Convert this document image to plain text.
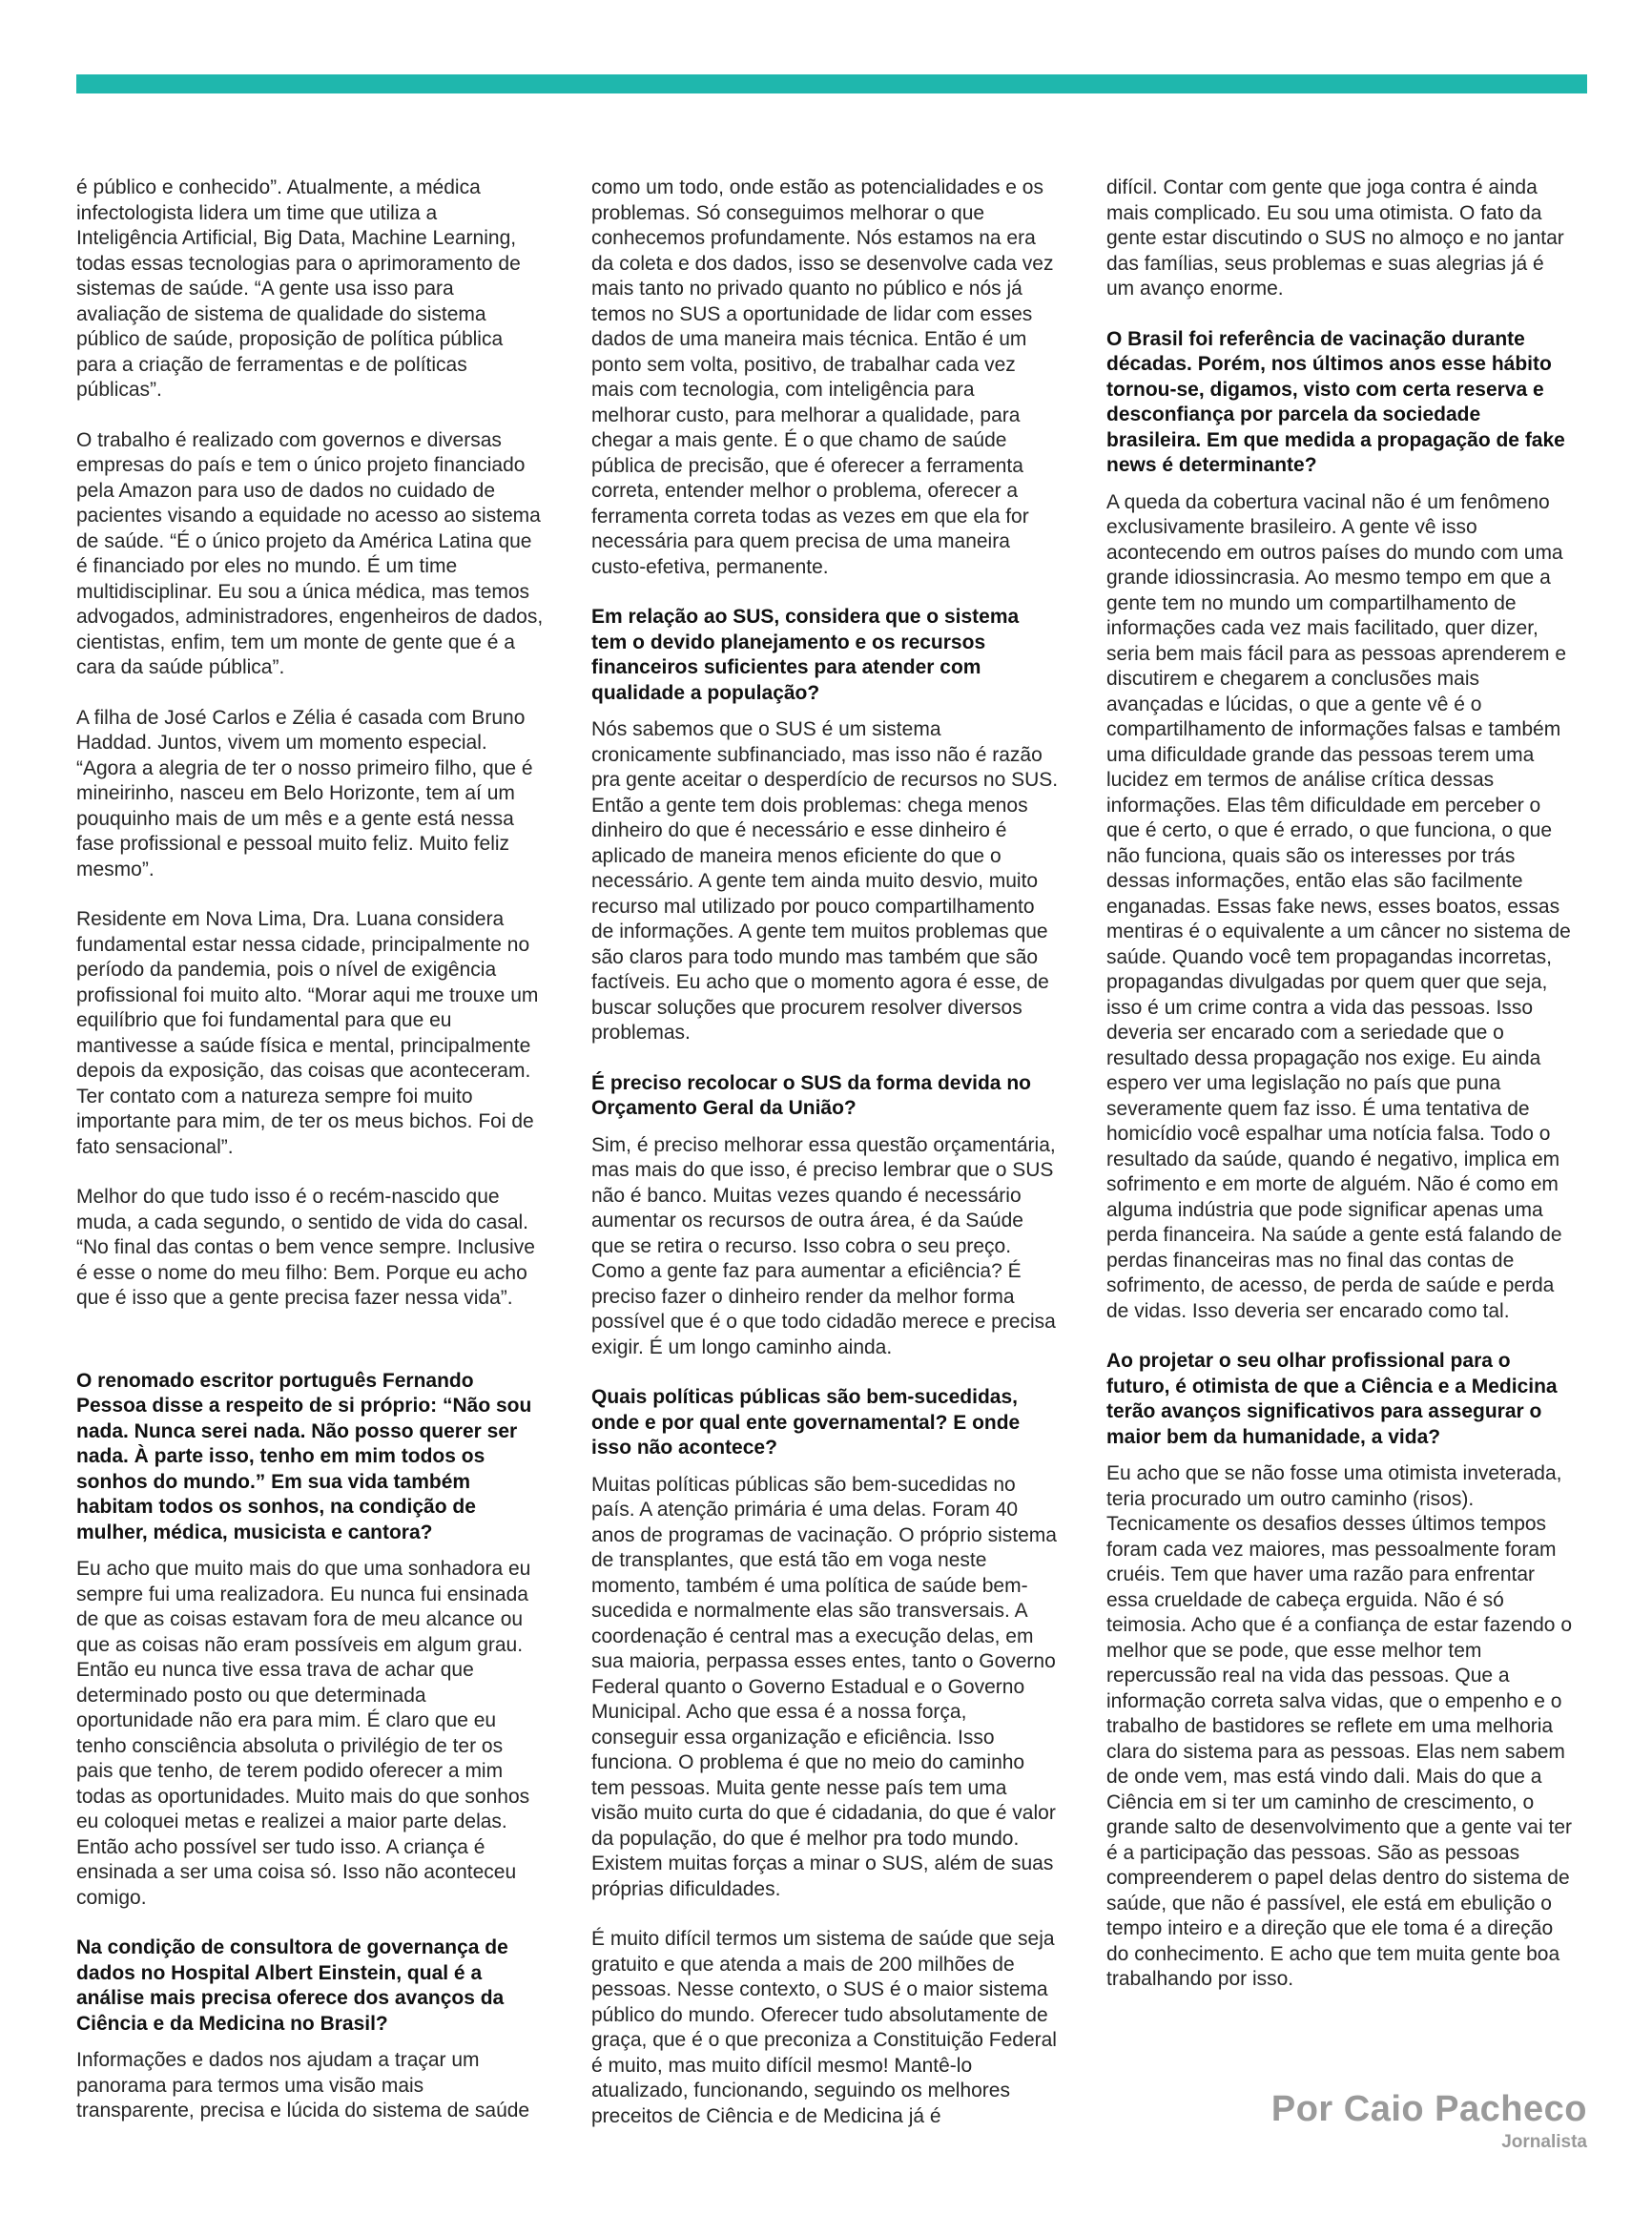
é público e conhecido”. Atualmente, a médica infectologista lidera um time que utiliza a Inteligência Artificial, Big Data, Machine Learning, todas essas tecnologias para o aprimoramento de sistemas de saúde. “A gente usa isso para avaliação de sistema de qualidade do sistema público de saúde, proposição de política pública para a criação de ferramentas e de políticas públicas”.

O trabalho é realizado com governos e diversas empresas do país e tem o único projeto financiado pela Amazon para uso de dados no cuidado de pacientes visando a equidade no acesso ao sistema de saúde. “É o único projeto da América Latina que é financiado por eles no mundo. É um time multidisciplinar. Eu sou a única médica, mas temos advogados, administradores, engenheiros de dados, cientistas, enfim, tem um monte de gente que é a cara da saúde pública”.

A filha de José Carlos e Zélia é casada com Bruno Haddad. Juntos, vivem um momento especial. “Agora a alegria de ter o nosso primeiro filho, que é mineirinho, nasceu em Belo Horizonte, tem aí um pouquinho mais de um mês e a gente está nessa fase profissional e pessoal muito feliz. Muito feliz mesmo”.

Residente em Nova Lima, Dra. Luana considera fundamental estar nessa cidade, principalmente no período da pandemia, pois o nível de exigência profissional foi muito alto. “Morar aqui me trouxe um equilíbrio que foi fundamental para que eu mantivesse a saúde física e mental, principalmente depois da exposição, das coisas que aconteceram. Ter contato com a natureza sempre foi muito importante para mim, de ter os meus bichos. Foi de fato sensacional”.

Melhor do que tudo isso é o recém-nascido que muda, a cada segundo, o sentido de vida do casal. “No final das contas o bem vence sempre. Inclusive é esse o nome do meu filho: Bem. Porque eu acho que é isso que a gente precisa fazer nessa vida”.

O renomado escritor português Fernando Pessoa disse a respeito de si próprio: “Não sou nada. Nunca serei nada. Não posso querer ser nada. À parte isso, tenho em mim todos os sonhos do mundo.” Em sua vida também habitam todos os sonhos, na condição de mulher, médica, musicista e cantora?

Eu acho que muito mais do que uma sonhadora eu sempre fui uma realizadora. Eu nunca fui ensinada de que as coisas estavam fora de meu alcance ou que as coisas não eram possíveis em algum grau. Então eu nunca tive essa trava de achar que determinado posto ou que determinada oportunidade não era para mim. É claro que eu tenho consciência absoluta o privilégio de ter os pais que tenho, de terem podido oferecer a mim todas as oportunidades. Muito mais do que sonhos eu coloquei metas e realizei a maior parte delas. Então acho possível ser tudo isso. A criança é ensinada a ser uma coisa só. Isso não aconteceu comigo.

Na condição de consultora de governança de dados no Hospital Albert Einstein, qual é a análise mais precisa oferece dos avanços da Ciência e da Medicina no Brasil?

Informações e dados nos ajudam a traçar um panorama para termos uma visão mais transparente, precisa e lúcida do sistema de saúde

como um todo, onde estão as potencialidades e os problemas. Só conseguimos melhorar o que conhecemos profundamente. Nós estamos na era da coleta e dos dados, isso se desenvolve cada vez mais tanto no privado quanto no público e nós já temos no SUS a oportunidade de lidar com esses dados de uma maneira mais técnica. Então é um ponto sem volta, positivo, de trabalhar cada vez mais com tecnologia, com inteligência para melhorar custo, para melhorar a qualidade, para chegar a mais gente. É o que chamo de saúde pública de precisão, que é oferecer a ferramenta correta, entender melhor o problema, oferecer a ferramenta correta todas as vezes em que ela for necessária para quem precisa de uma maneira custo-efetiva, permanente.

Em relação ao SUS, considera que o sistema tem o devido planejamento e os recursos financeiros suficientes para atender com qualidade a população?

Nós sabemos que o SUS é um sistema cronicamente subfinanciado, mas isso não é razão pra gente aceitar o desperdício de recursos no SUS. Então a gente tem dois problemas: chega menos dinheiro do que é necessário e esse dinheiro é aplicado de maneira menos eficiente do que o necessário. A gente tem ainda muito desvio, muito recurso mal utilizado por pouco compartilhamento de informações. A gente tem muitos problemas que são claros para todo mundo mas também que são factíveis. Eu acho que o momento agora é esse, de buscar soluções que procurem resolver diversos problemas.

É preciso recolocar o SUS da forma devida no Orçamento Geral da União?

Sim, é preciso melhorar essa questão orçamentária, mas mais do que isso, é preciso lembrar que o SUS não é banco. Muitas vezes quando é necessário aumentar os recursos de outra área, é da Saúde que se retira o recurso. Isso cobra o seu preço. Como a gente faz para aumentar a eficiência? É preciso fazer o dinheiro render da melhor forma possível que é o que todo cidadão merece e precisa exigir. É um longo caminho ainda.

Quais políticas públicas são bem-sucedidas, onde e por qual ente governamental? E onde isso não acontece?

Muitas políticas públicas são bem-sucedidas no país. A atenção primária é uma delas. Foram 40 anos de programas de vacinação. O próprio sistema de transplantes, que está tão em voga neste momento, também é uma política de saúde bem-sucedida e normalmente elas são transversais. A coordenação é central mas a execução delas, em sua maioria, perpassa esses entes, tanto o Governo Federal quanto o Governo Estadual e o Governo Municipal. Acho que essa é a nossa força, conseguir essa organização e eficiência. Isso funciona. O problema é que no meio do caminho tem pessoas. Muita gente nesse país tem uma visão muito curta do que é cidadania, do que é valor da população, do que é melhor pra todo mundo. Existem muitas forças a minar o SUS, além de suas próprias dificuldades.

É muito difícil termos um sistema de saúde que seja gratuito e que atenda a mais de 200 milhões de pessoas. Nesse contexto, o SUS é o maior sistema público do mundo. Oferecer tudo absolutamente de graça, que é o que preconiza a Constituição Federal é muito, mas muito difícil mesmo! Mantê-lo atualizado, funcionando, seguindo os melhores preceitos de Ciência e de Medicina já é

difícil. Contar com gente que joga contra é ainda mais complicado. Eu sou uma otimista. O fato da gente estar discutindo o SUS no almoço e no jantar das famílias, seus problemas e suas alegrias já é um avanço enorme.

O Brasil foi referência de vacinação durante décadas. Porém, nos últimos anos esse hábito tornou-se, digamos, visto com certa reserva e desconfiança por parcela da sociedade brasileira. Em que medida a propagação de fake news é determinante?

A queda da cobertura vacinal não é um fenômeno exclusivamente brasileiro. A gente vê isso acontecendo em outros países do mundo com uma grande idiossincrasia. Ao mesmo tempo em que a gente tem no mundo um compartilhamento de informações cada vez mais facilitado, quer dizer, seria bem mais fácil para as pessoas aprenderem e discutirem e chegarem a conclusões mais avançadas e lúcidas, o que a gente vê é o compartilhamento de informações falsas e também uma dificuldade grande das pessoas terem uma lucidez em termos de análise crítica dessas informações. Elas têm dificuldade em perceber o que é certo, o que é errado, o que funciona, o que não funciona, quais são os interesses por trás dessas informações, então elas são facilmente enganadas. Essas fake news, esses boatos, essas mentiras é o equivalente a um câncer no sistema de saúde. Quando você tem propagandas incorretas, propagandas divulgadas por quem quer que seja, isso é um crime contra a vida das pessoas. Isso deveria ser encarado com a seriedade que o resultado dessa propagação nos exige. Eu ainda espero ver uma legislação no país que puna severamente quem faz isso. É uma tentativa de homicídio você espalhar uma notícia falsa. Todo o resultado da saúde, quando é negativo, implica em sofrimento e em morte de alguém. Não é como em alguma indústria que pode significar apenas uma perda financeira. Na saúde a gente está falando de perdas financeiras mas no final das contas de sofrimento, de acesso, de perda de saúde e perda de vidas. Isso deveria ser encarado como tal.

Ao projetar o seu olhar profissional para o futuro, é otimista de que a Ciência e a Medicina terão avanços significativos para assegurar o maior bem da humanidade, a vida?

Eu acho que se não fosse uma otimista inveterada, teria procurado um outro caminho (risos). Tecnicamente os desafios desses últimos tempos foram cada vez maiores, mas pessoalmente foram cruéis. Tem que haver uma razão para enfrentar essa crueldade de cabeça erguida. Não é só teimosia. Acho que é a confiança de estar fazendo o melhor que se pode, que esse melhor tem repercussão real na vida das pessoas. Que a informação correta salva vidas, que o empenho e o trabalho de bastidores se reflete em uma melhoria clara do sistema para as pessoas. Elas nem sabem de onde vem, mas está vindo dali. Mais do que a Ciência em si ter um caminho de crescimento, o grande salto de desenvolvimento que a gente vai ter é a participação das pessoas. São as pessoas compreenderem o papel delas dentro do sistema de saúde, que não é passível, ele está em ebulição o tempo inteiro e a direção que ele toma é a direção do conhecimento. E acho que tem muita gente boa trabalhando por isso.

Por Caio Pacheco
Jornalista
